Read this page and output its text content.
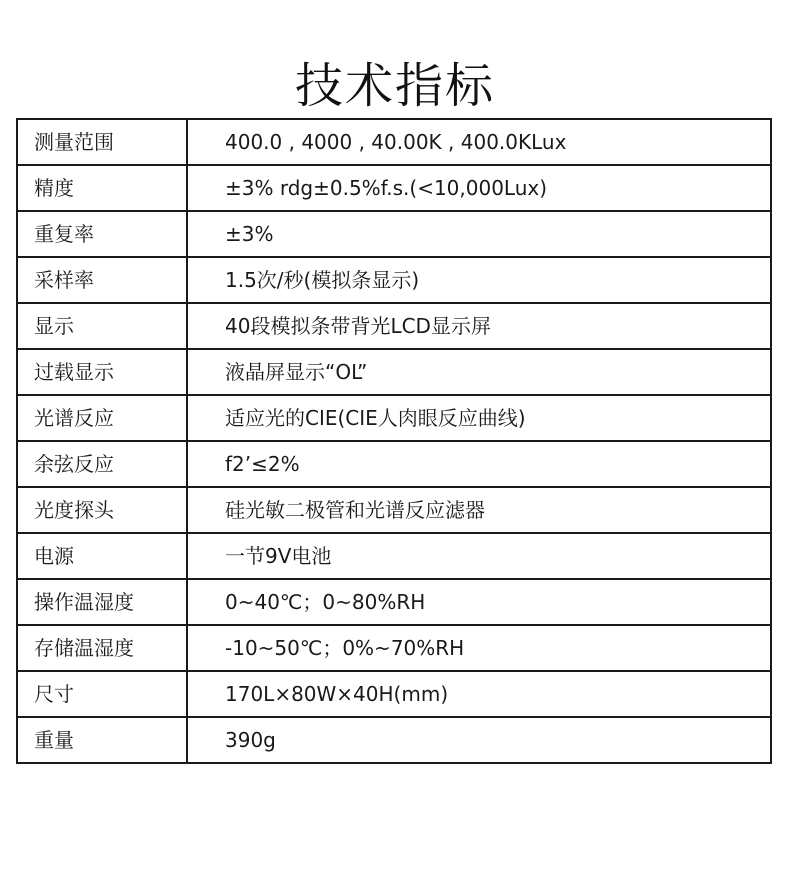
技术指标
测量范围	400.0 , 4000 , 40.00K , 400.0KLux
精度	±3% rdg±0.5%f.s.(<10,000Lux)
重复率	±3%
采样率	1.5次/秒(模拟条显示)
显示	40段模拟条带背光LCD显示屏
过载显示	液晶屏显示“OL”
光谱反应	适应光的CIE(CIE人肉眼反应曲线)
余弦反应	f2’≤2%
光度探头	硅光敏二极管和光谱反应滤器
电源	一节9V电池
操作温湿度	0~40℃；0~80%RH
存储温湿度	-10~50℃；0%~70%RH
尺寸	170L×80W×40H(mm)
重量	390g
